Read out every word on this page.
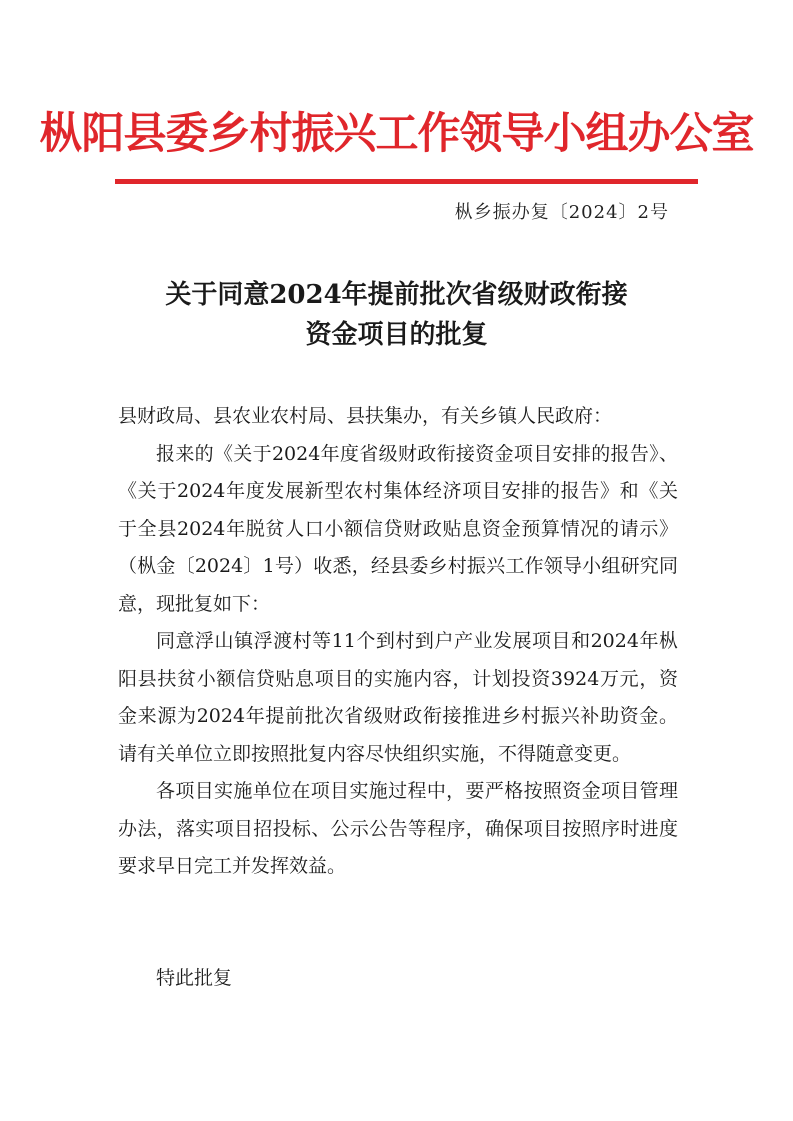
枞阳县委乡村振兴工作领导小组办公室
枞乡振办复〔2024〕2号
关于同意2024年提前批次省级财政衔接
资金项目的批复

县财政局、县农业农村局、县扶集办，有关乡镇人民政府：

报来的《关于2024年度省级财政衔接资金项目安排的报告》、《关于2024年度发展新型农村集体经济项目安排的报告》和《关于全县2024年脱贫人口小额信贷财政贴息资金预算情况的请示》（枞金〔2024〕1号）收悉，经县委乡村振兴工作领导小组研究同意，现批复如下：

同意浮山镇浮渡村等11个到村到户产业发展项目和2024年枞阳县扶贫小额信贷贴息项目的实施内容，计划投资3924万元，资金来源为2024年提前批次省级财政衔接推进乡村振兴补助资金。请有关单位立即按照批复内容尽快组织实施，不得随意变更。

各项目实施单位在项目实施过程中，要严格按照资金项目管理办法，落实项目招投标、公示公告等程序，确保项目按照序时进度要求早日完工并发挥效益。

特此批复
